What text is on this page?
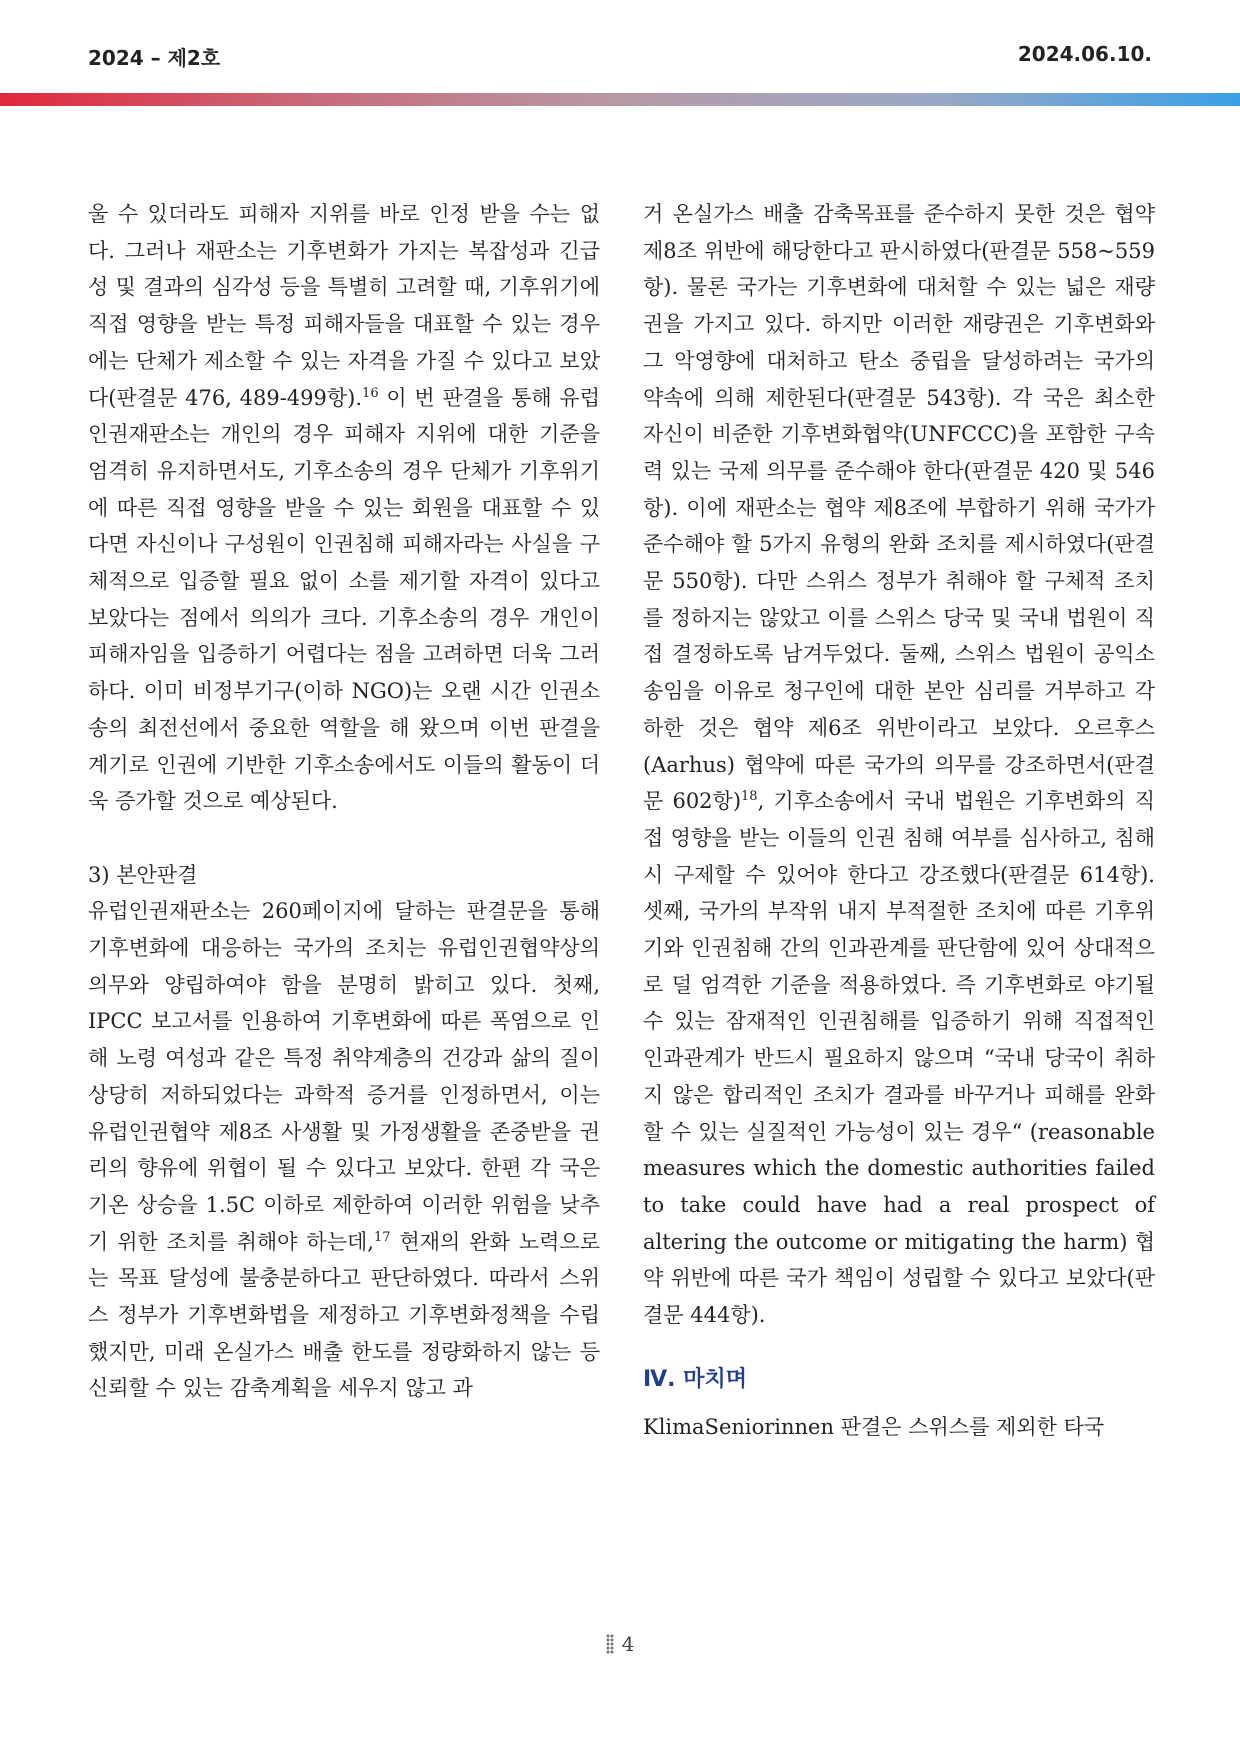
2024 – 제2호	2024.06.10.

울 수 있더라도 피해자 지위를 바로 인정 받을 수는 없다. 그러나 재판소는 기후변화가 가지는 복잡성과 긴급성 및 결과의 심각성 등을 특별히 고려할 때, 기후위기에 직접 영향을 받는 특정 피해자들을 대표할 수 있는 경우에는 단체가 제소할 수 있는 자격을 가질 수 있다고 보았다(판결문 476, 489-499항).$^{16}$ 이 번 판결을 통해 유럽인권재판소는 개인의 경우 피해자 지위에 대한 기준을 엄격히 유지하면서도, 기후소송의 경우 단체가 기후위기에 따른 직접 영향을 받을 수 있는 회원을 대표할 수 있다면 자신이나 구성원이 인권침해 피해자라는 사실을 구체적으로 입증할 필요 없이 소를 제기할 자격이 있다고 보았다는 점에서 의의가 크다. 기후소송의 경우 개인이 피해자임을 입증하기 어렵다는 점을 고려하면 더욱 그러하다. 이미 비정부기구(이하 NGO)는 오랜 시간 인권소송의 최전선에서 중요한 역할을 해 왔으며 이번 판결을 계기로 인권에 기반한 기후소송에서도 이들의 활동이 더욱 증가할 것으로 예상된다.

3) 본안판결

유럽인권재판소는 260페이지에 달하는 판결문을 통해 기후변화에 대응하는 국가의 조치는 유럽인권협약상의 의무와 양립하여야 함을 분명히 밝히고 있다. 첫째, IPCC 보고서를 인용하여 기후변화에 따른 폭염으로 인해 노령 여성과 같은 특정 취약계층의 건강과 삶의 질이 상당히 저하되었다는 과학적 증거를 인정하면서, 이는 유럽인권협약 제8조 사생활 및 가정생활을 존중받을 권리의 향유에 위협이 될 수 있다고 보았다. 한편 각 국은 기온 상승을 1.5C 이하로 제한하여 이러한 위험을 낮추기 위한 조치를 취해야 하는데,$^{17}$ 현재의 완화 노력으로는 목표 달성에 불충분하다고 판단하였다. 따라서 스위스 정부가 기후변화법을 제정하고 기후변화정책을 수립했지만, 미래 온실가스 배출 한도를 정량화하지 않는 등 신뢰할 수 있는 감축계획을 세우지 않고 과

거 온실가스 배출 감축목표를 준수하지 못한 것은 협약 제8조 위반에 해당한다고 판시하였다(판결문 558~559항). 물론 국가는 기후변화에 대처할 수 있는 넓은 재량권을 가지고 있다. 하지만 이러한 재량권은 기후변화와 그 악영향에 대처하고 탄소 중립을 달성하려는 국가의 약속에 의해 제한된다(판결문 543항). 각 국은 최소한 자신이 비준한 기후변화협약(UNFCCC)을 포함한 구속력 있는 국제 의무를 준수해야 한다(판결문 420 및 546항). 이에 재판소는 협약 제8조에 부합하기 위해 국가가 준수해야 할 5가지 유형의 완화 조치를 제시하였다(판결문 550항). 다만 스위스 정부가 취해야 할 구체적 조치를 정하지는 않았고 이를 스위스 당국 및 국내 법원이 직접 결정하도록 남겨두었다. 둘째, 스위스 법원이 공익소송임을 이유로 청구인에 대한 본안 심리를 거부하고 각하한 것은 협약 제6조 위반이라고 보았다. 오르후스(Aarhus) 협약에 따른 국가의 의무를 강조하면서(판결문 602항)$^{18}$, 기후소송에서 국내 법원은 기후변화의 직접 영향을 받는 이들의 인권 침해 여부를 심사하고, 침해 시 구제할 수 있어야 한다고 강조했다(판결문 614항). 셋째, 국가의 부작위 내지 부적절한 조치에 따른 기후위기와 인권침해 간의 인과관계를 판단함에 있어 상대적으로 덜 엄격한 기준을 적용하였다. 즉 기후변화로 야기될 수 있는 잠재적인 인권침해를 입증하기 위해 직접적인 인과관계가 반드시 필요하지 않으며 “국내 당국이 취하지 않은 합리적인 조치가 결과를 바꾸거나 피해를 완화할 수 있는 실질적인 가능성이 있는 경우“ (reasonable measures which the domestic authorities failed to take could have had a real prospect of altering the outcome or mitigating the harm) 협약 위반에 따른 국가 책임이 성립할 수 있다고 보았다(판결문 444항).

Ⅳ. 마치며

KlimaSeniorinnen 판결은 스위스를 제외한 타국

4
